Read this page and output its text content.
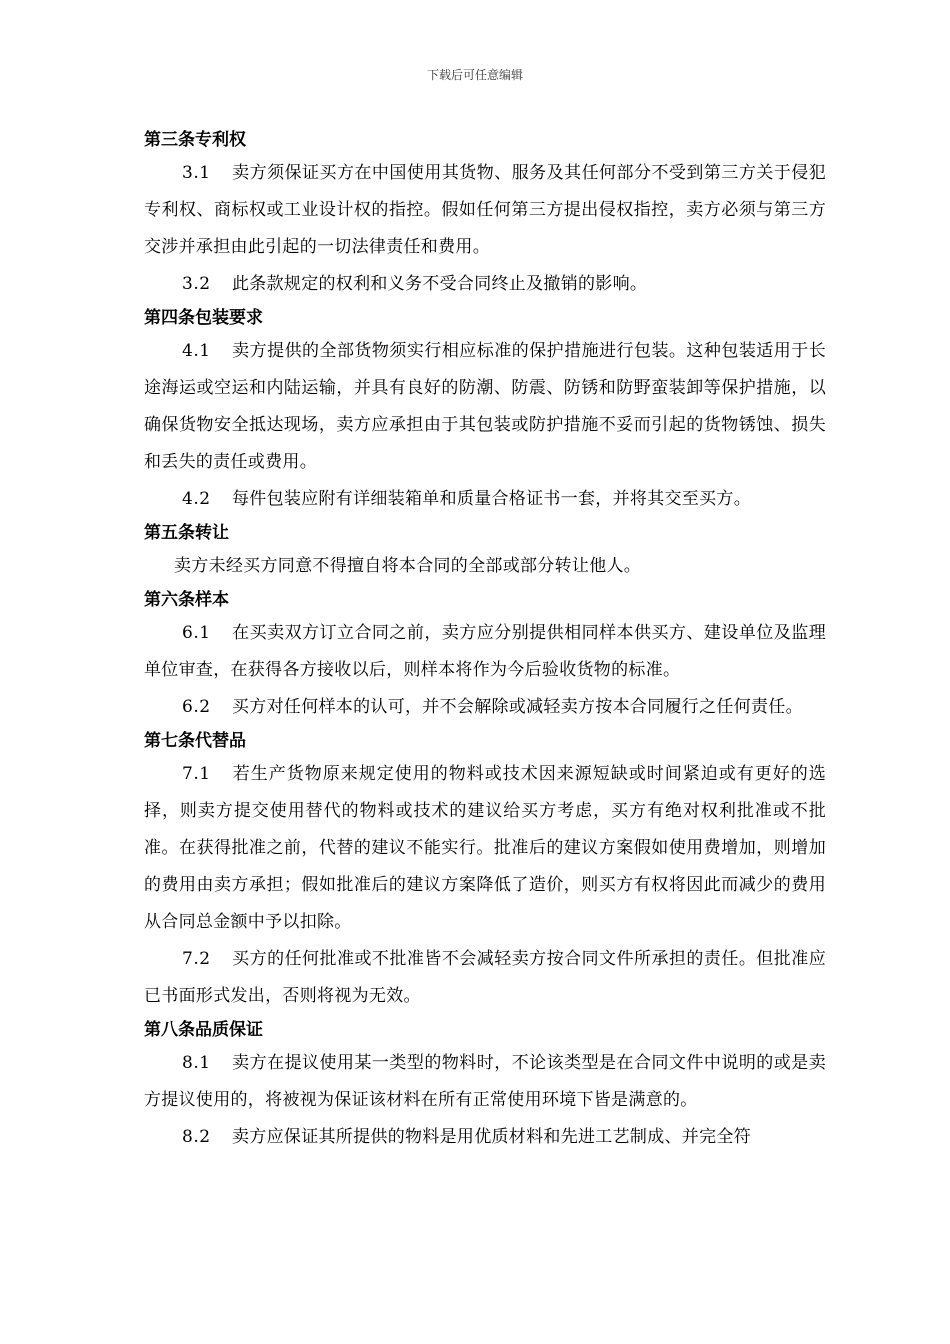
下载后可任意编辑
第三条专利权

3.1 卖方须保证买方在中国使用其货物、服务及其任何部分不受到第三方关于侵犯专利权、商标权或工业设计权的指控。假如任何第三方提出侵权指控，卖方必须与第三方交涉并承担由此引起的一切法律责任和费用。

3.2 此条款规定的权利和义务不受合同终止及撤销的影响。

第四条包装要求

4.1 卖方提供的全部货物须实行相应标准的保护措施进行包装。这种包装适用于长途海运或空运和内陆运输，并具有良好的防潮、防震、防锈和防野蛮装卸等保护措施，以确保货物安全抵达现场，卖方应承担由于其包装或防护措施不妥而引起的货物锈蚀、损失和丢失的责任或费用。

4.2 每件包装应附有详细装箱单和质量合格证书一套，并将其交至买方。

第五条转让

卖方未经买方同意不得擅自将本合同的全部或部分转让他人。

第六条样本

6.1 在买卖双方订立合同之前，卖方应分别提供相同样本供买方、建设单位及监理单位审查，在获得各方接收以后，则样本将作为今后验收货物的标准。

6.2 买方对任何样本的认可，并不会解除或减轻卖方按本合同履行之任何责任。

第七条代替品

7.1 若生产货物原来规定使用的物料或技术因来源短缺或时间紧迫或有更好的选择，则卖方提交使用替代的物料或技术的建议给买方考虑，买方有绝对权利批准或不批准。在获得批准之前，代替的建议不能实行。批准后的建议方案假如使用费增加，则增加的费用由卖方承担；假如批准后的建议方案降低了造价，则买方有权将因此而减少的费用从合同总金额中予以扣除。

7.2 买方的任何批准或不批准皆不会减轻卖方按合同文件所承担的责任。但批准应已书面形式发出，否则将视为无效。

第八条品质保证

8.1 卖方在提议使用某一类型的物料时，不论该类型是在合同文件中说明的或是卖方提议使用的，将被视为保证该材料在所有正常使用环境下皆是满意的。

8.2 卖方应保证其所提供的物料是用优质材料和先进工艺制成、并完全符
